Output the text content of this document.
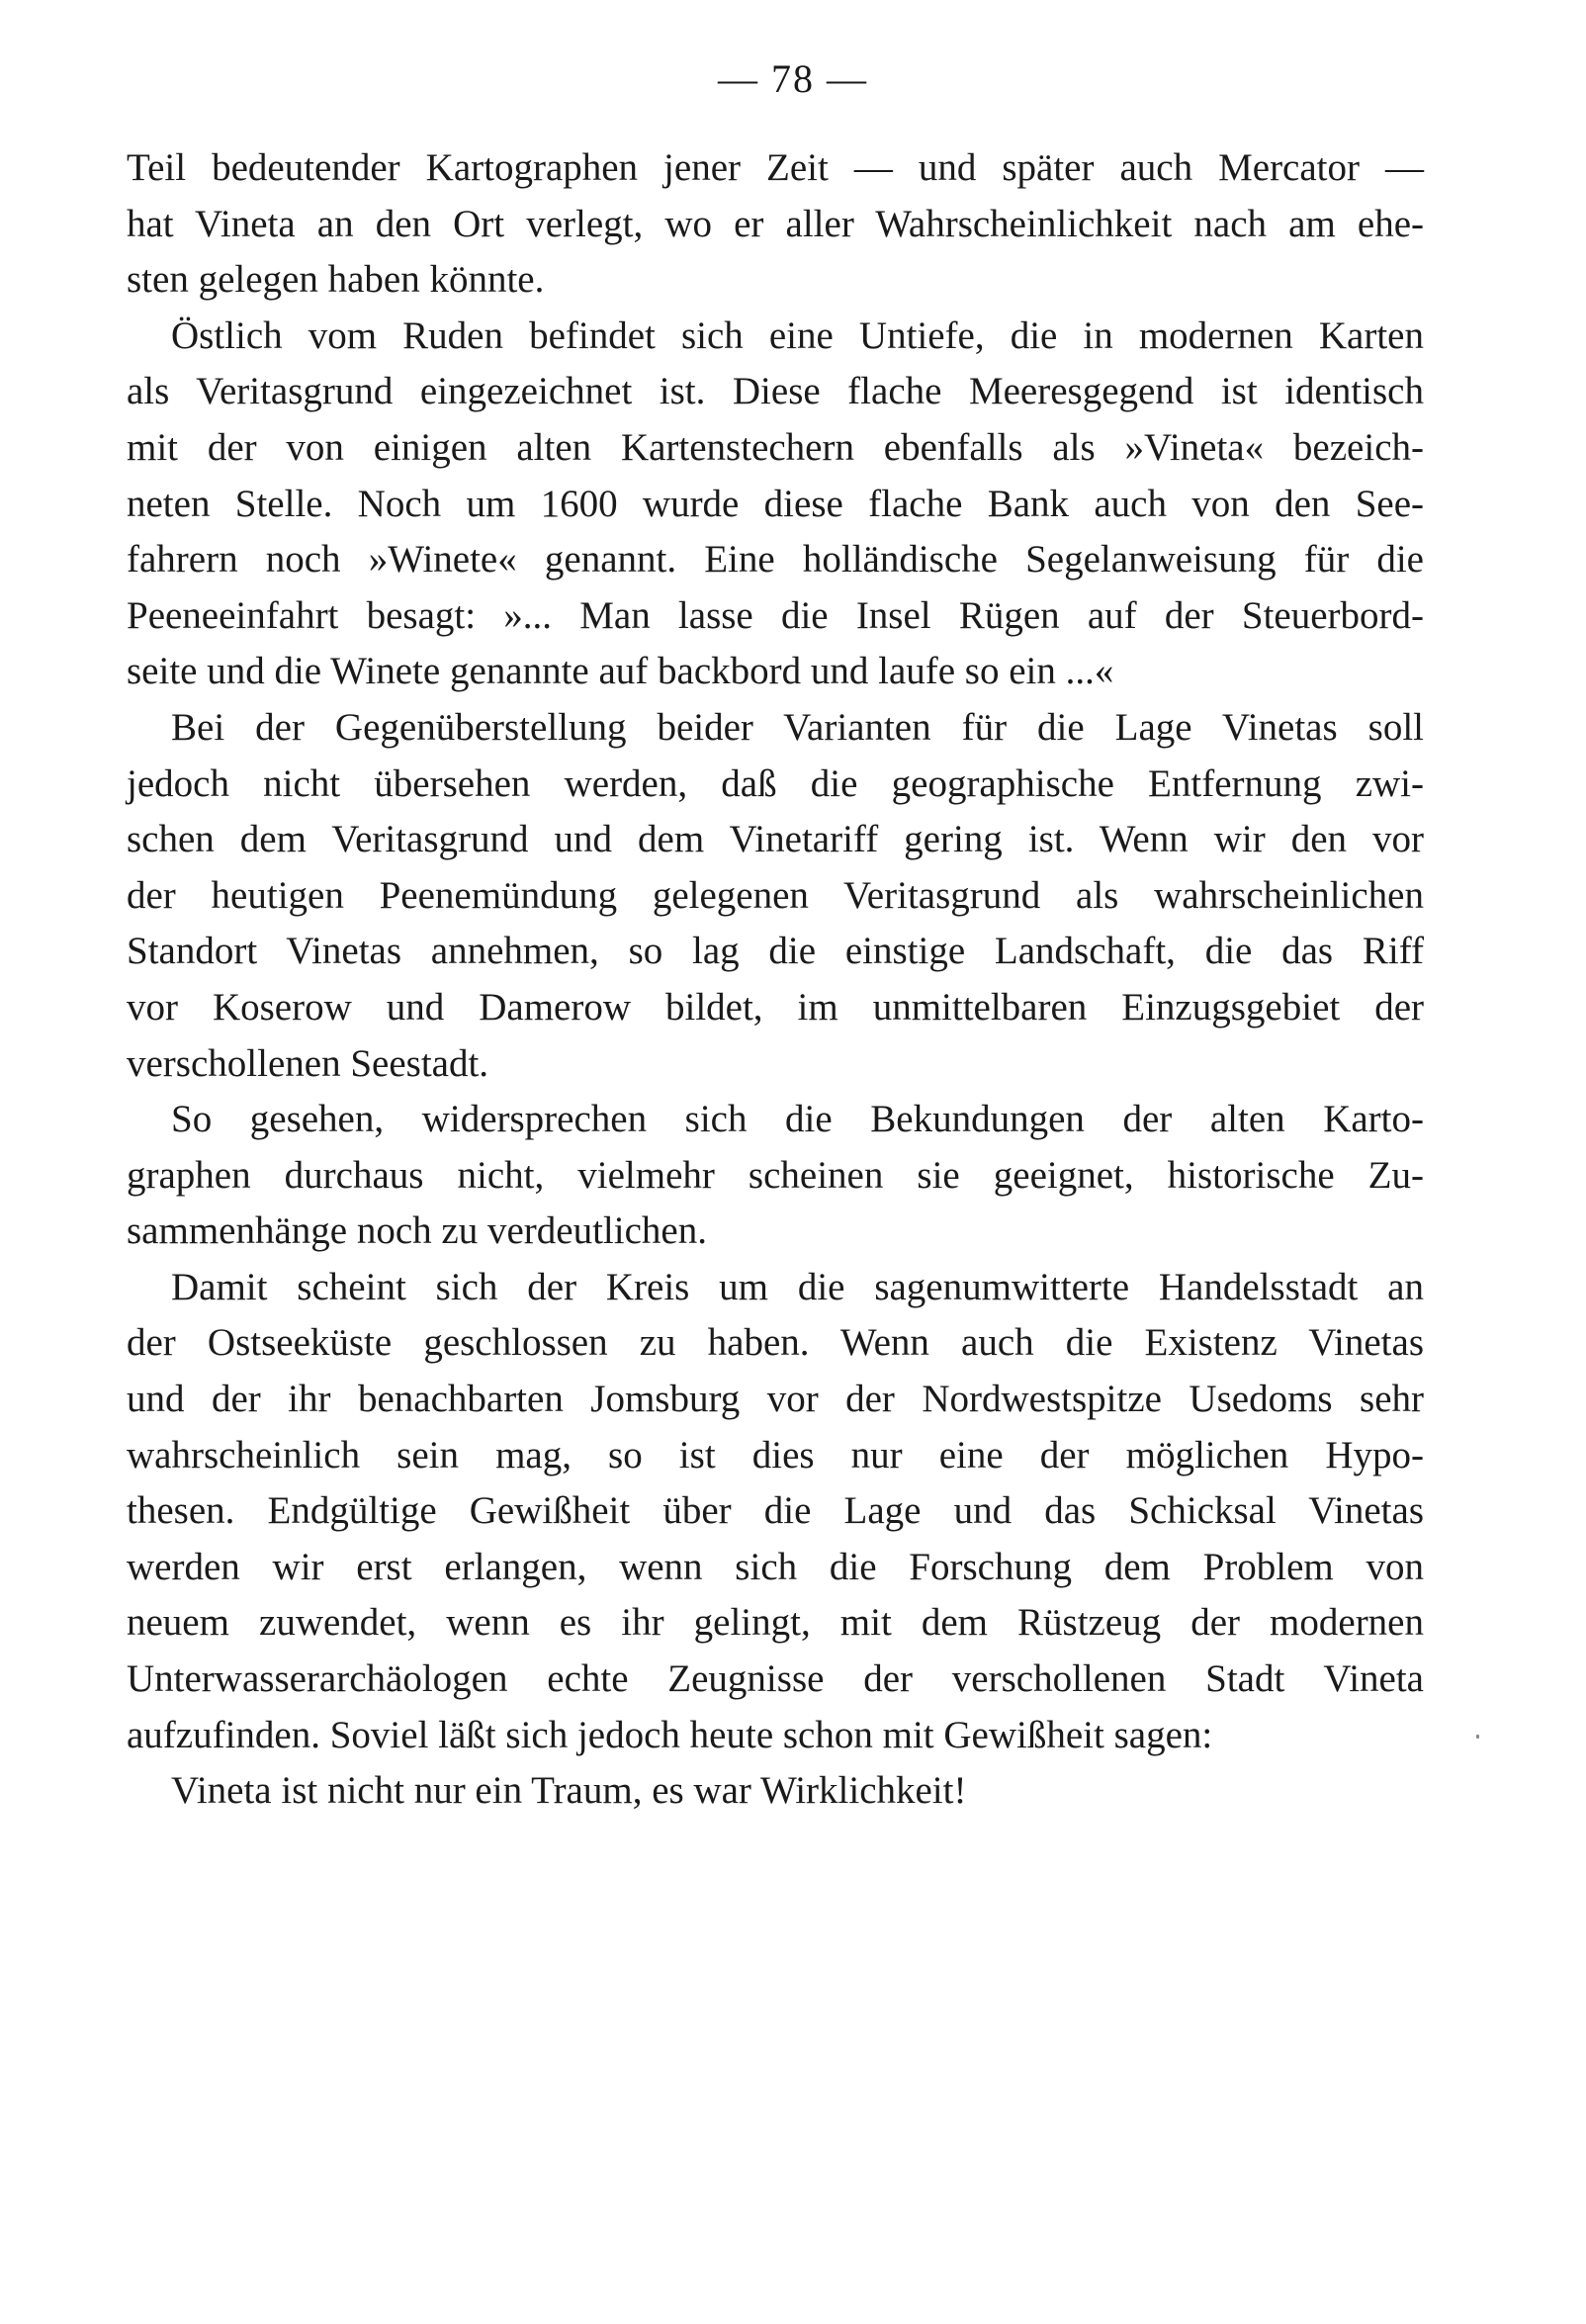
— 78 —
Teil bedeutender Kartographen jener Zeit — und später auch Mercator —
hat Vineta an den Ort verlegt, wo er aller Wahrscheinlichkeit nach am ehe-
sten gelegen haben könnte.
Östlich vom Ruden befindet sich eine Untiefe, die in modernen Karten
als Veritasgrund eingezeichnet ist. Diese flache Meeresgegend ist identisch
mit der von einigen alten Kartenstechern ebenfalls als »Vineta« bezeich-
neten Stelle. Noch um 1600 wurde diese flache Bank auch von den See-
fahrern noch »Winete« genannt. Eine holländische Segelanweisung für die
Peeneeinfahrt besagt: »... Man lasse die Insel Rügen auf der Steuerbord-
seite und die Winete genannte auf backbord und laufe so ein ...«
Bei der Gegenüberstellung beider Varianten für die Lage Vinetas soll
jedoch nicht übersehen werden, daß die geographische Entfernung zwi-
schen dem Veritasgrund und dem Vinetariff gering ist. Wenn wir den vor
der heutigen Peenemündung gelegenen Veritasgrund als wahrscheinlichen
Standort Vinetas annehmen, so lag die einstige Landschaft, die das Riff
vor Koserow und Damerow bildet, im unmittelbaren Einzugsgebiet der
verschollenen Seestadt.
So gesehen, widersprechen sich die Bekundungen der alten Karto-
graphen durchaus nicht, vielmehr scheinen sie geeignet, historische Zu-
sammenhänge noch zu verdeutlichen.
Damit scheint sich der Kreis um die sagenumwitterte Handelsstadt an
der Ostseeküste geschlossen zu haben. Wenn auch die Existenz Vinetas
und der ihr benachbarten Jomsburg vor der Nordwestspitze Usedoms sehr
wahrscheinlich sein mag, so ist dies nur eine der möglichen Hypo-
thesen. Endgültige Gewißheit über die Lage und das Schicksal Vinetas
werden wir erst erlangen, wenn sich die Forschung dem Problem von
neuem zuwendet, wenn es ihr gelingt, mit dem Rüstzeug der modernen
Unterwasserarchäologen echte Zeugnisse der verschollenen Stadt Vineta
aufzufinden. Soviel läßt sich jedoch heute schon mit Gewißheit sagen:
Vineta ist nicht nur ein Traum, es war Wirklichkeit!
